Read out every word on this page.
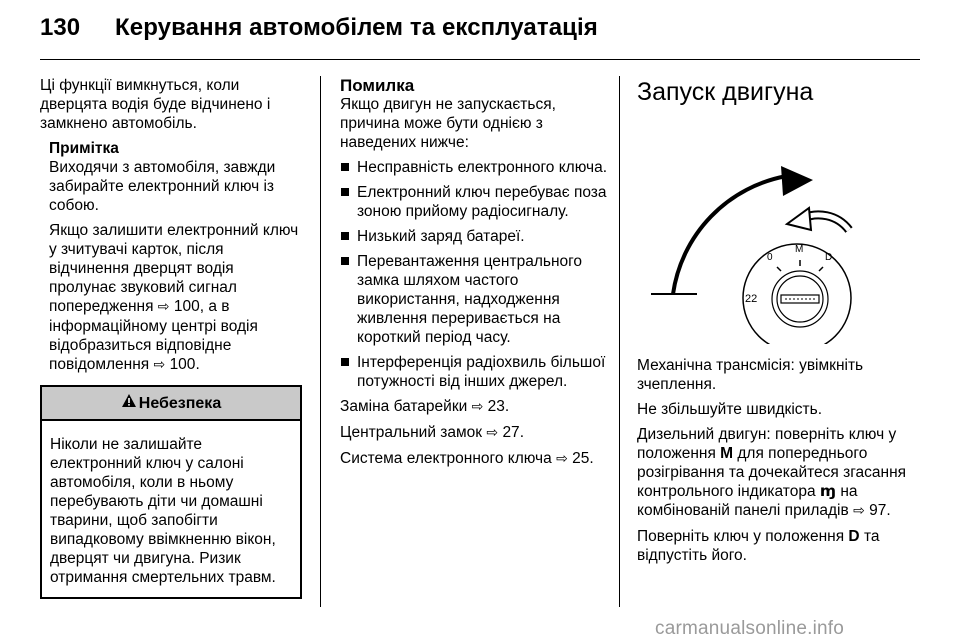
130 Керування автомобілем та експлуатація

Ці функції вимкнуться, коли дверцята водія буде відчинено і замкнено автомобіль.

Примітка

Виходячи з автомобіля, завжди забирайте електронний ключ із собою.

Якщо залишити електронний ключ у зчитувачі карток, після відчинення дверцят водія пролунає звуковий сигнал попередження ⇨ 100, а в інформаційному центрі водія відобразиться відповідне повідомлення ⇨ 100.

Небезпека
Ніколи не залишайте електронний ключ у салоні автомобіля, коли в ньому перебувають діти чи домашні тварини, щоб запобігти випадковому ввімкненню вікон, дверцят чи двигуна. Ризик отримання смертельних травм.
Помилка

Якщо двигун не запускається, причина може бути однією з наведених нижче:

Несправність електронного ключа.
Електронний ключ перебуває поза зоною прийому радіосигналу.
Низький заряд батареї.
Перевантаження центрального замка шляхом частого використання, надходження живлення переривається на короткий період часу.
Інтерференція радіохвиль більшої потужності від інших джерел.

Заміна батарейки ⇨ 23.

Центральний замок ⇨ 27.

Система електронного ключа ⇨ 25.

Запуск двигуна
0
M
D
22

Механічна трансмісія: увімкніть зчеплення.

Не збільшуйте швидкість.

Дизельний двигун: поверніть ключ у положення M для попереднього розігрівання та дочекайтеся згасання контрольного індикатора ɱ на комбінованій панелі приладів ⇨ 97.

Поверніть ключ у положення D та відпустіть його.

carmanualsonline.info
